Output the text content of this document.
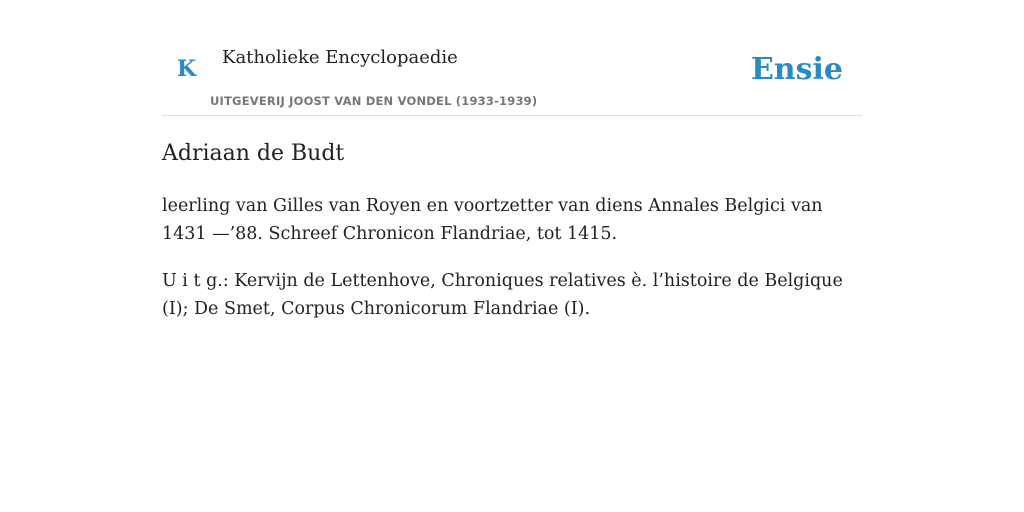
K Katholieke Encyclopaedie
UITGEVERIJ JOOST VAN DEN VONDEL (1933-1939)
Ensie
Adriaan de Budt

leerling van Gilles van Royen en voortzetter van diens Annales Belgici van 1431 —’88. Schreef Chronicon Flandriae, tot 1415.

U i t g.: Kervijn de Lettenhove, Chroniques relatives è. l’histoire de Belgique (I); De Smet, Corpus Chronicorum Flandriae (I).
